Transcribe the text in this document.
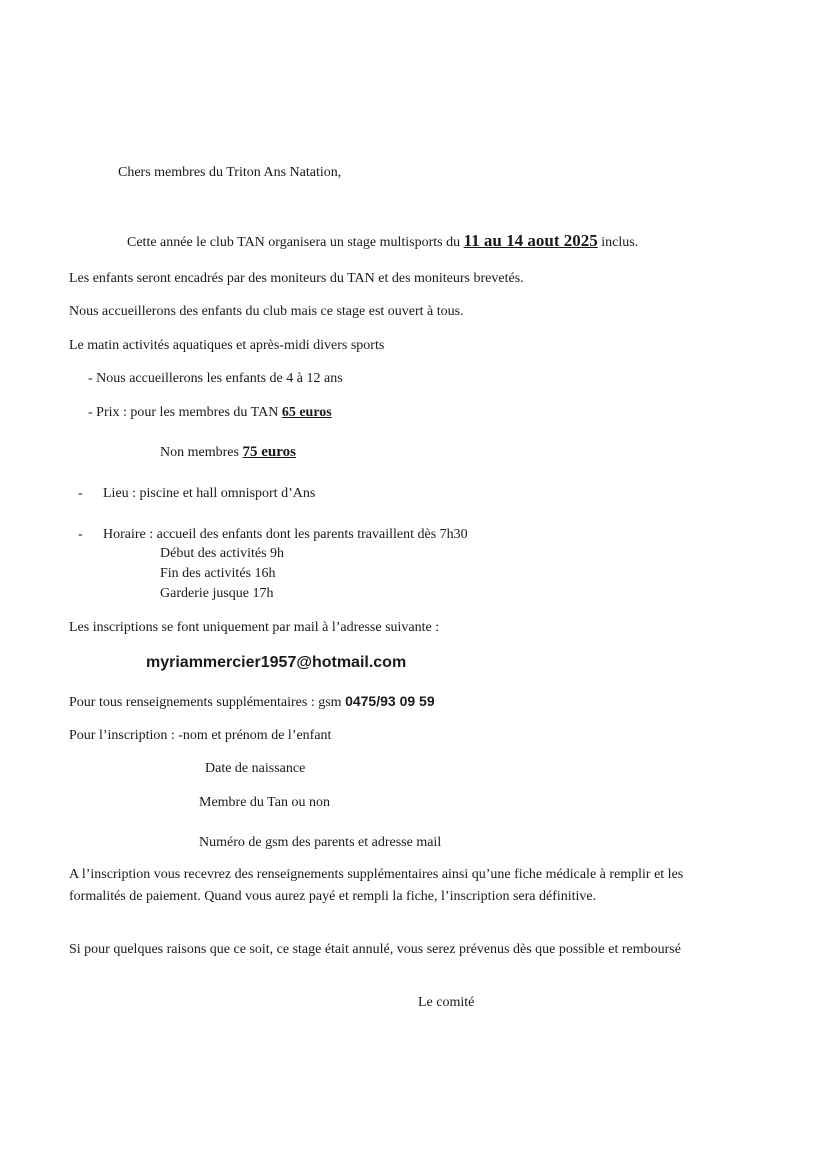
Chers membres du Triton Ans Natation,
Cette année le club TAN organisera un stage multisports du 11 au 14 aout 2025 inclus.
Les enfants seront encadrés par des moniteurs du TAN et des moniteurs brevetés.
Nous accueillerons des enfants du club mais ce stage est ouvert à tous.
Le matin activités aquatiques et après-midi divers sports
- Nous accueillerons les enfants de 4 à 12 ans
- Prix : pour les membres du TAN 65 euros
Non membres 75 euros
- Lieu : piscine et hall omnisport d’Ans
- Horaire : accueil des enfants dont les parents travaillent dès 7h30
Début des activités 9h
Fin des activités 16h
Garderie jusque 17h
Les inscriptions se font uniquement par mail à l’adresse suivante :
myriammercier1957@hotmail.com
Pour tous renseignements supplémentaires : gsm 0475/93 09 59
Pour l’inscription : -nom et prénom de l’enfant
Date de naissance
Membre du Tan ou non
Numéro de gsm des parents et adresse mail
A l’inscription vous recevrez des renseignements supplémentaires ainsi qu’une fiche médicale à remplir et les formalités de paiement. Quand vous aurez payé et rempli la fiche, l’inscription sera définitive.
Si pour quelques raisons que ce soit, ce stage était annulé, vous serez prévenus dès que possible et remboursé
Le comité
